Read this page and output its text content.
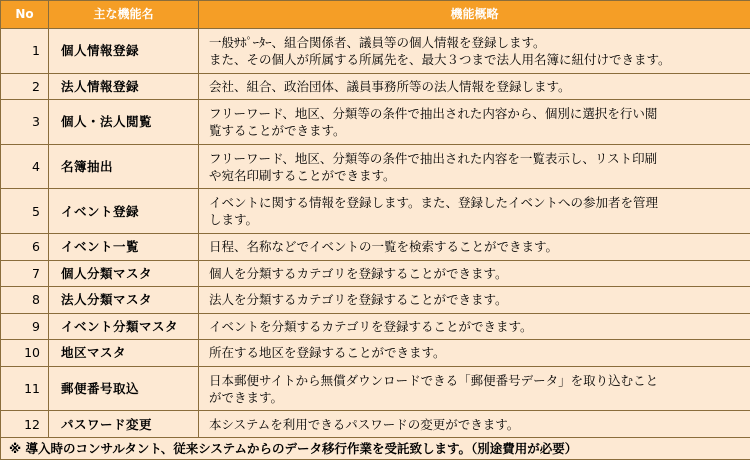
No	主な機能名	機能概略
1	個人情報登録	一般ｻﾎﾟｰﾀｰ、組合関係者、議員等の個人情報を登録します。
また、その個人が所属する所属先を、最大３つまで法人用名簿に紐付けできます。

2	法人情報登録	会社、組合、政治団体、議員事務所等の法人情報を登録します。

3	個人・法人閲覧	フリーワード、地区、分類等の条件で抽出された内容から、個別に選択を行い閲
覧することができます。

4	名簿抽出	フリーワード、地区、分類等の条件で抽出された内容を一覧表示し、リスト印刷
や宛名印刷することができます。

5	イベント登録	イベントに関する情報を登録します。また、登録したイベントへの参加者を管理
します。

6	イベント一覧	日程、名称などでイベントの一覧を検索することができます。

7	個人分類マスタ	個人を分類するカテゴリを登録することができます。

8	法人分類マスタ	法人を分類するカテゴリを登録することができます。

9	イベント分類マスタ	イベントを分類するカテゴリを登録することができます。

10	地区マスタ	所在する地区を登録することができます。

11	郵便番号取込	日本郵便サイトから無償ダウンロードできる「郵便番号データ」を取り込むこと
ができます。

12	パスワード変更	本システムを利用できるパスワードの変更ができます。

※ 導入時のコンサルタント、従来システムからのデータ移行作業を受託致します。（別途費用が必要）		
